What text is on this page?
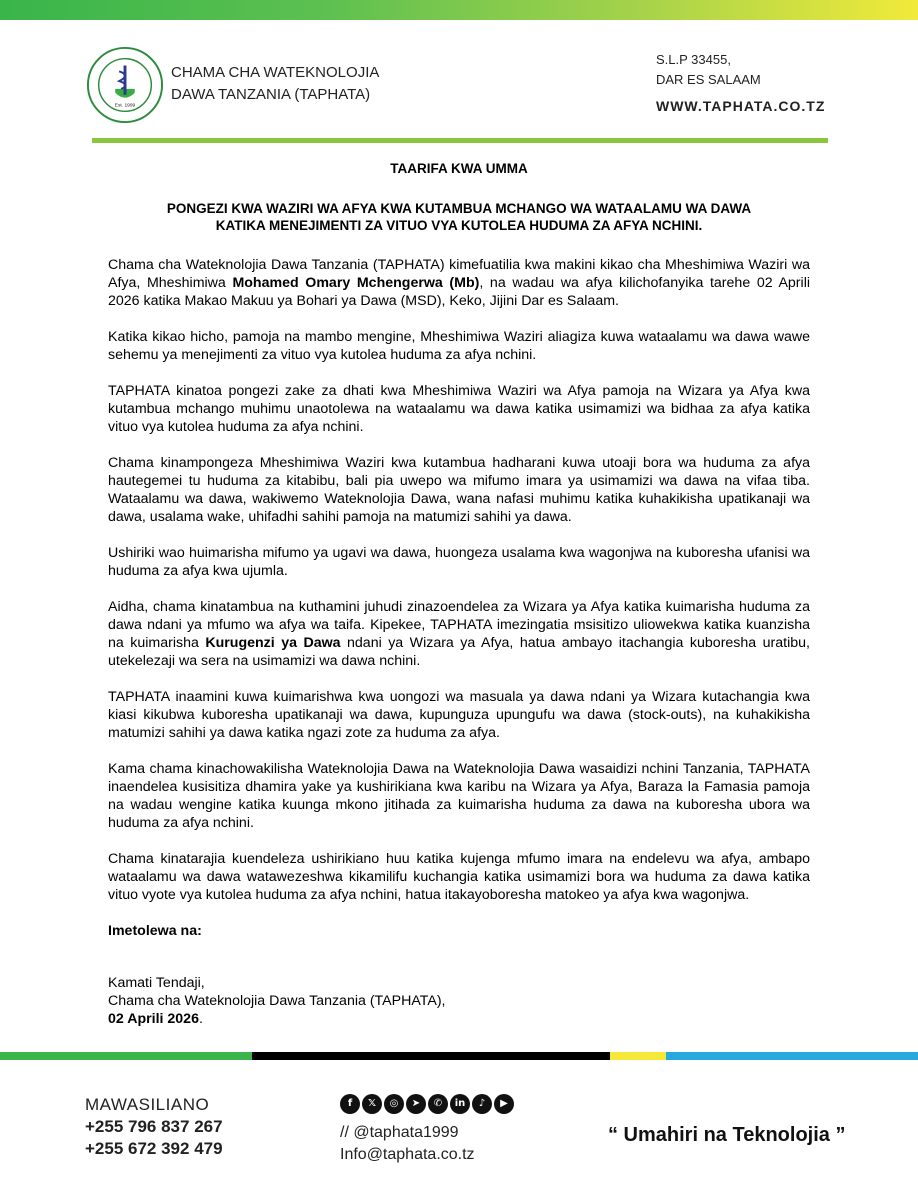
Est. 1999
CHAMA CHA WATEKNOLOJIA
DAWA TANZANIA (TAPHATA)
S.L.P 33455,
DAR ES SALAAM
WWW.TAPHATA.CO.TZ
TAARIFA KWA UMMA
PONGEZI KWA WAZIRI WA AFYA KWA KUTAMBUA MCHANGO WA WATAALAMU WA DAWA
KATIKA MENEJIMENTI ZA VITUO VYA KUTOLEA HUDUMA ZA AFYA NCHINI.

Chama cha Wateknolojia Dawa Tanzania (TAPHATA) kimefuatilia kwa makini kikao cha Mheshimiwa Waziri wa Afya, Mheshimiwa Mohamed Omary Mchengerwa (Mb), na wadau wa afya kilichofanyika tarehe 02 Aprili 2026 katika Makao Makuu ya Bohari ya Dawa (MSD), Keko, Jijini Dar es Salaam.

Katika kikao hicho, pamoja na mambo mengine, Mheshimiwa Waziri aliagiza kuwa wataalamu wa dawa wawe sehemu ya menejimenti za vituo vya kutolea huduma za afya nchini.

TAPHATA kinatoa pongezi zake za dhati kwa Mheshimiwa Waziri wa Afya pamoja na Wizara ya Afya kwa kutambua mchango muhimu unaotolewa na wataalamu wa dawa katika usimamizi wa bidhaa za afya katika vituo vya kutolea huduma za afya nchini.

Chama kinampongeza Mheshimiwa Waziri kwa kutambua hadharani kuwa utoaji bora wa huduma za afya hautegemei tu huduma za kitabibu, bali pia uwepo wa mifumo imara ya usimamizi wa dawa na vifaa tiba. Wataalamu wa dawa, wakiwemo Wateknolojia Dawa, wana nafasi muhimu katika kuhakikisha upatikanaji wa dawa, usalama wake, uhifadhi sahihi pamoja na matumizi sahihi ya dawa.

Ushiriki wao huimarisha mifumo ya ugavi wa dawa, huongeza usalama kwa wagonjwa na kuboresha ufanisi wa huduma za afya kwa ujumla.

Aidha, chama kinatambua na kuthamini juhudi zinazoendelea za Wizara ya Afya katika kuimarisha huduma za dawa ndani ya mfumo wa afya wa taifa. Kipekee, TAPHATA imezingatia msisitizo uliowekwa katika kuanzisha na kuimarisha Kurugenzi ya Dawa ndani ya Wizara ya Afya, hatua ambayo itachangia kuboresha uratibu, utekelezaji wa sera na usimamizi wa dawa nchini.

TAPHATA inaamini kuwa kuimarishwa kwa uongozi wa masuala ya dawa ndani ya Wizara kutachangia kwa kiasi kikubwa kuboresha upatikanaji wa dawa, kupunguza upungufu wa dawa (stock-outs), na kuhakikisha matumizi sahihi ya dawa katika ngazi zote za huduma za afya.

Kama chama kinachowakilisha Wateknolojia Dawa na Wateknolojia Dawa wasaidizi nchini Tanzania, TAPHATA inaendelea kusisitiza dhamira yake ya kushirikiana kwa karibu na Wizara ya Afya, Baraza la Famasia pamoja na wadau wengine katika kuunga mkono jitihada za kuimarisha huduma za dawa na kuboresha ubora wa huduma za afya nchini.

Chama kinatarajia kuendeleza ushirikiano huu katika kujenga mfumo imara na endelevu wa afya, ambapo wataalamu wa dawa watawezeshwa kikamilifu kuchangia katika usimamizi bora wa huduma za dawa katika vituo vyote vya kutolea huduma za afya nchini, hatua itakayoboresha matokeo ya afya kwa wagonjwa.

Imetolewa na:
Kamati Tendaji,
Chama cha Wateknolojia Dawa Tanzania (TAPHATA),
02 Aprili 2026.
MAWASILIANO
+255 796 837 267
+255 672 392 479
f	𝕏	◎	➤	✆	in	♪	▶
// @taphata1999
Info@taphata.co.tz
“ Umahiri na Teknolojia ”
